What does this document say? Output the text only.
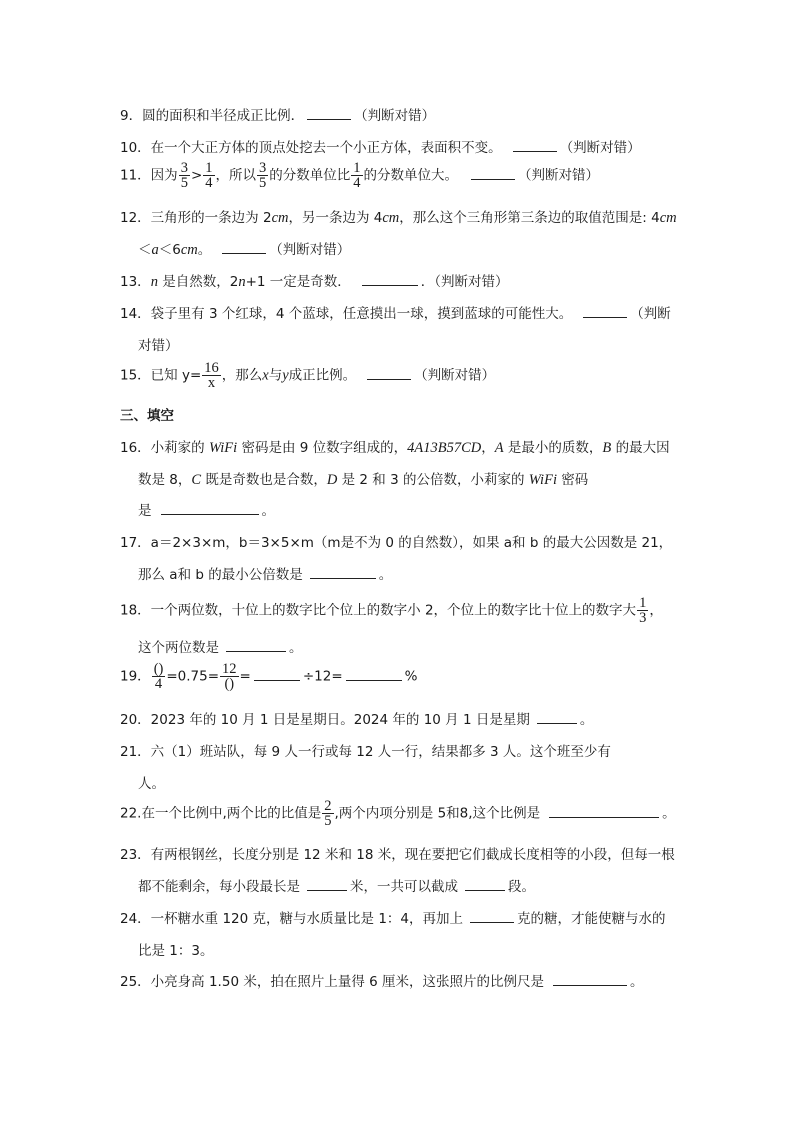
9．圆的面积和半径成正比例．	（判断对错）
10．在一个大正方体的顶点处挖去一个小正方体，表面积不变。	（判断对错）
11．因为 $\frac{3}{5} > \frac{1}{4}$ ，所以 $\frac{3}{5}$ 的分数单位比 $\frac{1}{4}$ 的分数单位大。	（判断对错）
12．三角形的一条边为 2cm，另一条边为 4cm，那么这个三角形第三条边的取值范围是: 4cm
＜a＜6cm。	（判断对错）
13．n 是自然数，2n+1 一定是奇数．	．（判断对错）
14．袋子里有 3 个红球，4 个蓝球，任意摸出一球，摸到蓝球的可能性大。	（判断
对错）
15．已知 $y= \frac{16}{x}$ ，那么x与y成正比例。	（判断对错）
三、填空
16．小莉家的 WiFi 密码是由 9 位数字组成的，4A13B57CD，A 是最小的质数，B 的最大因
数是 8，C 既是奇数也是合数，D 是 2 和 3 的公倍数，小莉家的 WiFi 密码
是	。
17．a＝2×3×m，b＝3×5×m（m是不为 0 的自然数），如果 a和 b 的最大公因数是 21，
那么 a和 b 的最小公倍数是	。
18．一个两位数，十位上的数字比个位上的数字小 2，个位上的数字比十位上的数字大 $\frac{1}{3}$ ，
这个两位数是	。
19． $\frac{()}{4} =0.75= \frac{12}{()}$ =	÷12=	%
20．2023 年的 10 月 1 日是星期日。2024 年的 10 月 1 日是星期	。
21．六（1）班站队，每 9 人一行或每 12 人一行，结果都多 3 人。这个班至少有
人。
22.在一个比例中,两个比的比值是 $\frac{2}{5}$ ,两个内项分别是 5和8,这个比例是	。
23．有两根钢丝，长度分别是 12 米和 18 米，现在要把它们截成长度相等的小段，但每一根
都不能剩余，每小段最长是	米，一共可以截成	段。
24．一杯糖水重 120 克，糖与水质量比是 1：4，再加上	克的糖，才能使糖与水的
比是 1：3。
25．小亮身高 1.50 米，拍在照片上量得 6 厘米，这张照片的比例尺是	。
